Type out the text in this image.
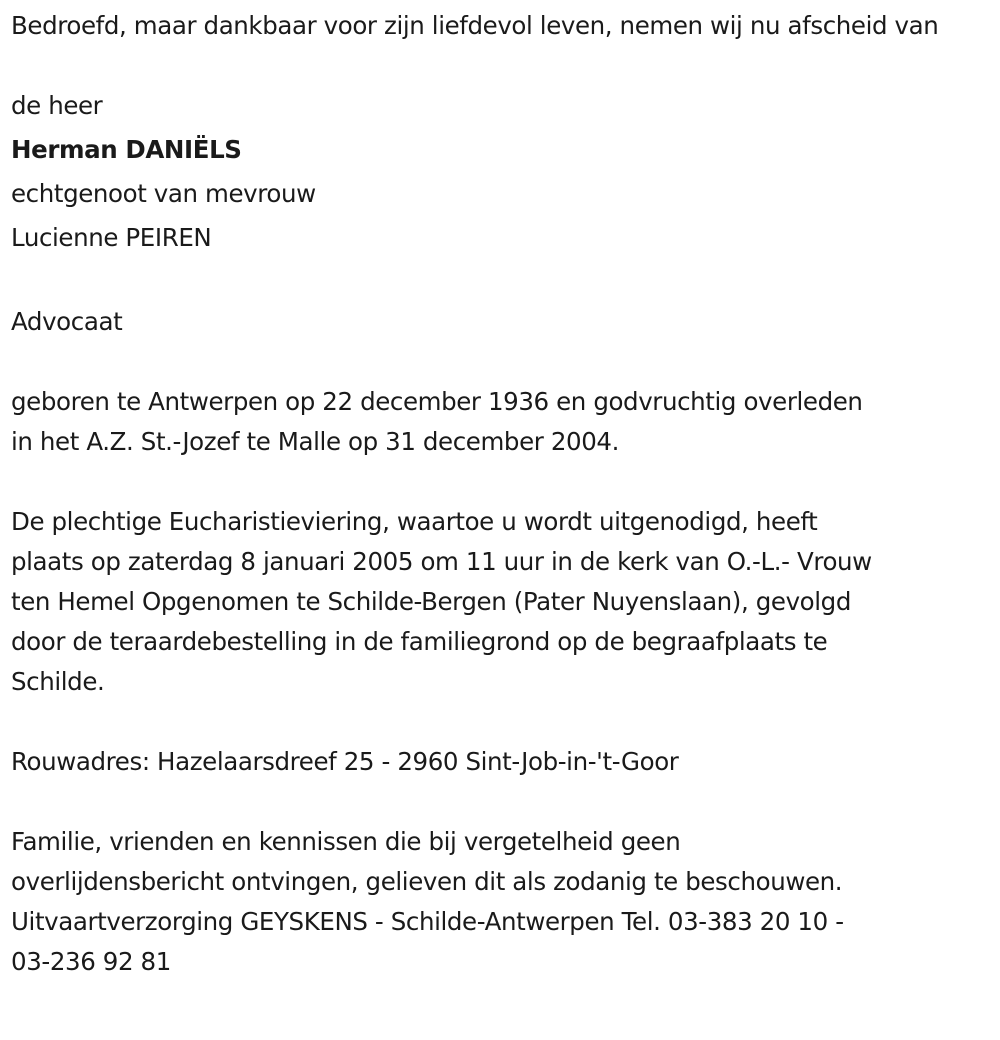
Bedroefd, maar dankbaar voor zijn liefdevol leven, nemen wij nu afscheid van
de heer
Herman DANIËLS
echtgenoot van mevrouw
Lucienne PEIREN
Advocaat
geboren te Antwerpen op 22 december 1936 en godvruchtig overleden
in het A.Z. St.-Jozef te Malle op 31 december 2004.
De plechtige Eucharistieviering, waartoe u wordt uitgenodigd, heeft
plaats op zaterdag 8 januari 2005 om 11 uur in de kerk van O.-L.- Vrouw
ten Hemel Opgenomen te Schilde-Bergen (Pater Nuyenslaan), gevolgd
door de teraardebestelling in de familiegrond op de begraafplaats te
Schilde.
Rouwadres: Hazelaarsdreef 25 - 2960 Sint-Job-in-'t-Goor
Familie, vrienden en kennissen die bij vergetelheid geen
overlijdensbericht ontvingen, gelieven dit als zodanig te beschouwen.
Uitvaartverzorging GEYSKENS - Schilde-Antwerpen Tel. 03-383 20 10 -
03-236 92 81
